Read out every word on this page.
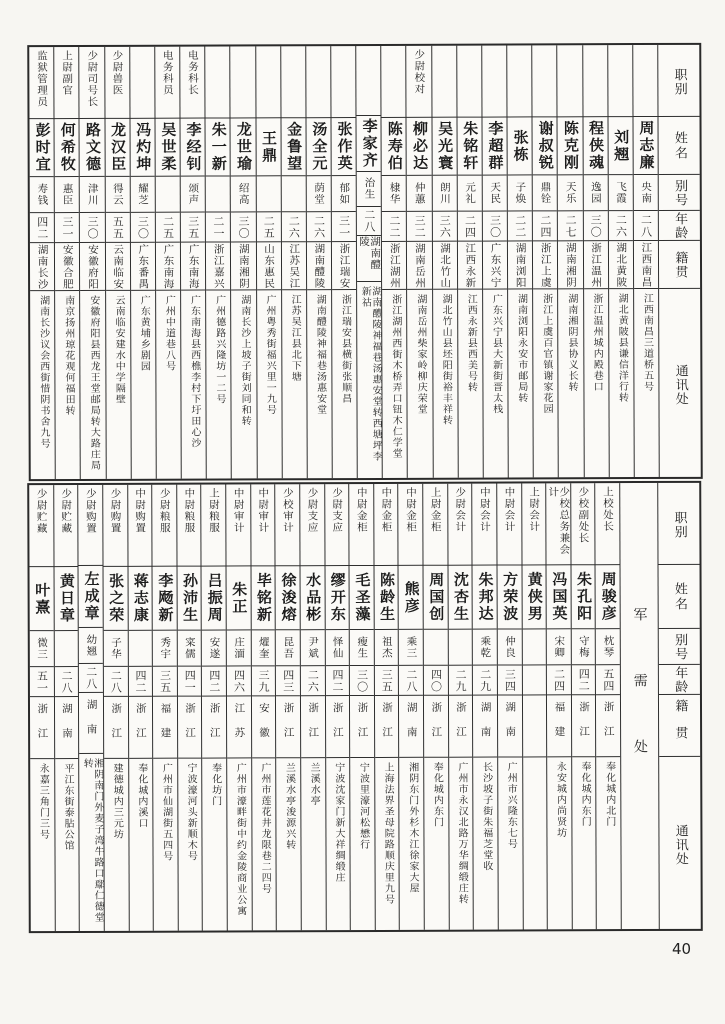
职别
姓名
别号
年龄
籍贯
通讯处
周志廉
央南
二八
江西南昌
江西南昌三道桥五号
刘翘
飞霞
二六
湖北黄陂
湖北黄陂县谦信洋行转
程侠魂
逸园
三〇
浙江温州
浙江温州城内殿巷口
陈克刚
天乐
二七
湖南湘阴
湖南湘阴县协义长转
谢叔锐
鼎铨
二四
浙江上虞
浙江上虞百官镇谢家花园
张栋
子焕
二二
湖南浏阳
湖南浏阳永安市邮局转
李超群
天民
三〇
广东兴宁
广东兴宁县大新街晋太栈
朱铭轩
元礼
二四
江西永新
江西永新县西美号转
吴光寰
朗川
三六
湖北竹山
湖北竹山县坯阳街裕丰祥转
少尉校对
柳必达
仲蕙
三二
湖南岳州
湖南岳州柴家岭柳庆荣堂
陈寿伯
棣华
二二
浙江湖州
浙江湖州西街木桥弄口钮木仁学堂
李家齐
治生
二八
湖南醴陵
湖南醴陵神福巷汤惠安堂转西塘坪李新祜
张作英
郁如
三一
浙江瑞安
浙江瑞安县横街张顺昌
汤全元
荫堂
二六
湖南醴陵
湖南醴陵神福巷汤惠安堂
金鲁望
二六
江苏吴江
江苏吴江县北下塘
王鼎
二五
山东惠民
广州粤秀街福兴里一九号
龙世瑜
绍高
三〇
湖南湘阴
湖南长沙上坡子街刘同和转
朱一新
二一
浙江嘉兴
广州德路兴隆坊一二号
电务科长
李经钊
颂声
三五
广东南海
广东南海县西樵李村下圩田心沙
电务科员
吴世柔
二五
广东南海
广州中道巷八号
冯灼坤
耀芝
三〇
广东番禺
广东黄埔乡剧园
少尉兽医
龙汉臣
得云
五五
云南临安
云南临安建水中学隔壁
少尉司号长
路文德
津川
三〇
安徽府阳
安徽府阳县西龙王堂邮局转大路庄局
上尉副官
何希牧
惠臣
三一
安徽合肥
南京扬州琼花观何福田转
监狱管理员
彭时宜
寿钱
四二
湖南长沙
湖南长沙议会西街惜阴书舍九号
职别
姓名
别号
年龄
籍贯
通讯处
军需处
上校处长
周骏彦
枕琴
五四
浙江
奉化城内北门
少校副处长
朱孔阳
守梅
四二
浙江
奉化城内东门
少校总务兼会计
冯国英
宋卿
二四
福建
永安城内尚贤坊
上尉会计
黄侠男
中尉会计
方荣波
仲良
三四
湖南
广州市兴隆东七号
中尉会计
朱邦达
乘乾
二九
湖南
长沙坡子街朱福芝堂收
少尉会计
沈杏生
二九
浙江
广州市永汉北路万华绸缎庄转
上尉金柜
周国创
四〇
浙江
奉化城内东门
中尉金柜
熊彦
乘三
二八
湖南
湘阴东门外杉木江徐家大屋
中尉金柜
陈龄生
祖杰
三五
浙江
上海法界圣母院路顺庆里九号
中尉金柜
毛圣藻
瘦生
三〇
浙江
宁波里濠河松懋行
少尉支应
缪开东
怿仙
四二
浙江
宁波沈家门新大祥绸缎庄
少尉支应
水品彬
尹斌
二六
浙江
兰溪水亭
少校审计
徐浚熔
昆吾
四三
浙江
兰溪水亭浚源兴转
中尉审计
毕铭新
燿奎
三九
安徽
广州市莲花井龙限巷二四号
中尉审计
朱正
庄湎
四六
江苏
广州市濠畔街中约金陵商业公寓
上尉粮服
吕振周
安遂
四二
浙江
奉化坊门
中尉粮服
孙沛生
寀儒
四一
浙江
宁波濠河头新顺木号
少尉粮服
李飏新
秀宇
三五
福建
广州市仙湖街五四号
中尉购置
蒋志康
四二
浙江
奉化城内溪口
少尉购置
张之荣
子华
二八
浙江
建德城内三元坊
少尉购置
左成章
幼翘
二八
湖南
湘阴南门外麦子湾牛路口鄢仁德堂转
少尉贮藏
黄日章
二八
湖南
平江东街泰胋公馆
少尉贮藏
叶熹
微三
五一
浙江
永嘉三角门三号
40
